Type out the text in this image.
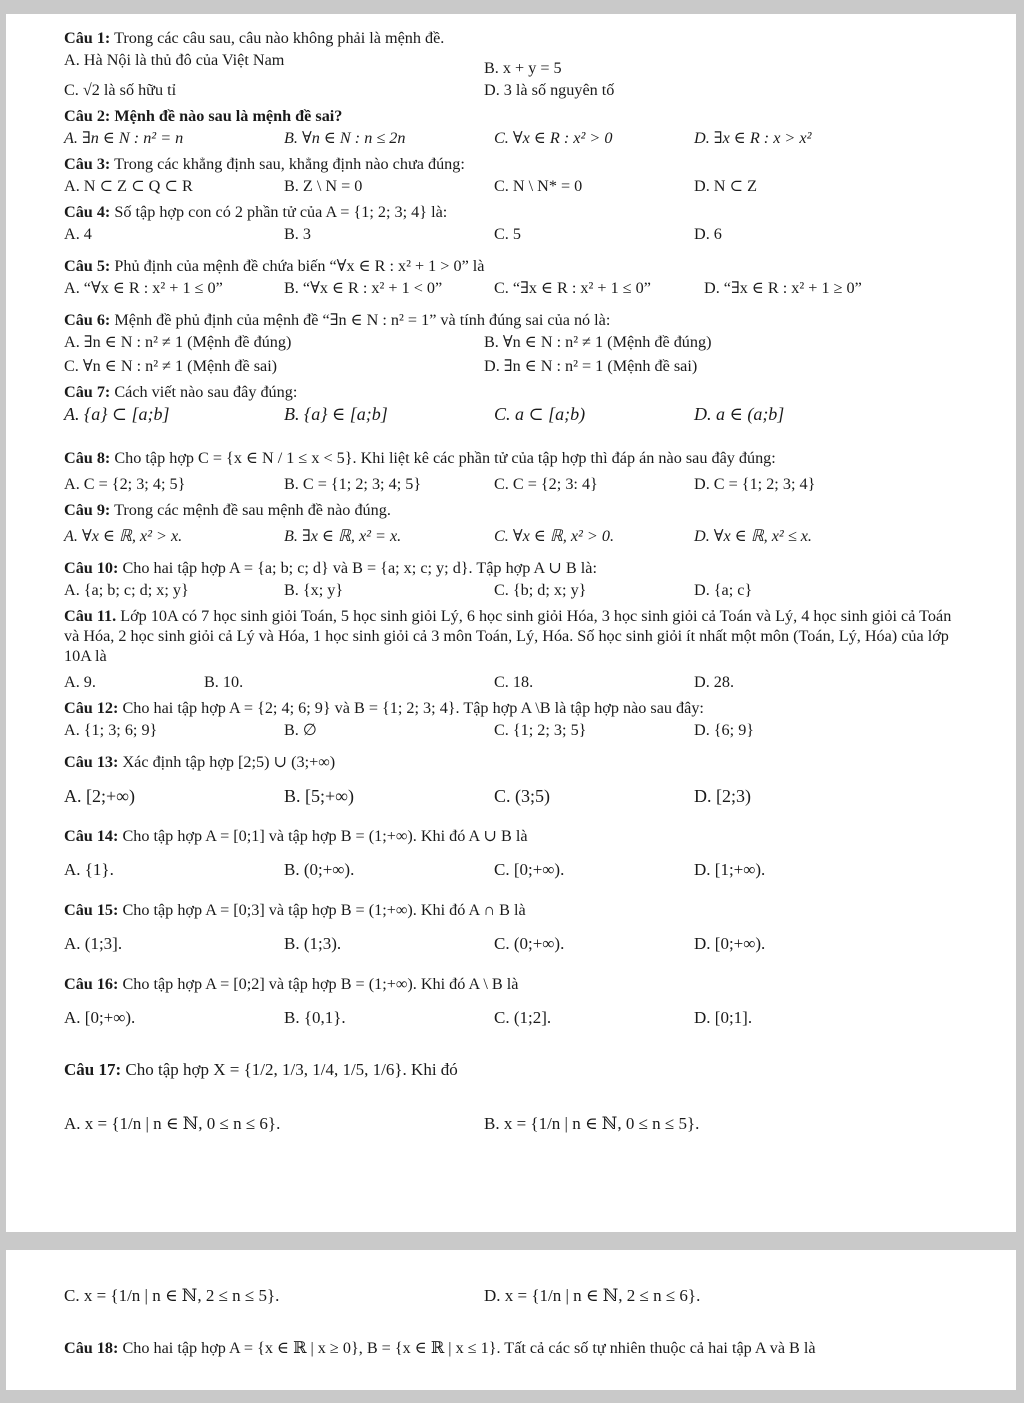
Câu 1: Trong các câu sau, câu nào không phải là mệnh đề.
A. Hà Nội là thủ đô của Việt Nam	B. x + y = 5
C. √2 là số hữu tỉ	D. 3 là số nguyên tố
Câu 2: Mệnh đề nào sau là mệnh đề sai?
A. ∃n ∈ N : n² = n	B. ∀n ∈ N : n ≤ 2n	C. ∀x ∈ R : x² > 0	D. ∃x ∈ R : x > x²
Câu 3: Trong các khẳng định sau, khẳng định nào chưa đúng:
A. N ⊂ Z ⊂ Q ⊂ R	B. Z \ N = 0	C. N \ N* = 0	D. N ⊂ Z
Câu 4: Số tập hợp con có 2 phần tử của A = {1; 2; 3; 4} là:
A. 4	B. 3	C. 5	D. 6
Câu 5: Phủ định của mệnh đề chứa biến “∀x ∈ R : x² + 1 > 0” là
A. “∀x ∈ R : x² + 1 ≤ 0”	B. “∀x ∈ R : x² + 1 < 0”	C. “∃x ∈ R : x² + 1 ≤ 0”	D. “∃x ∈ R : x² + 1 ≥ 0”
Câu 6: Mệnh đề phủ định của mệnh đề “∃n ∈ N : n² = 1” và tính đúng sai của nó là:
A. ∃n ∈ N : n² ≠ 1 (Mệnh đề đúng)	B. ∀n ∈ N : n² ≠ 1 (Mệnh đề đúng)
C. ∀n ∈ N : n² ≠ 1 (Mệnh đề sai)	D. ∃n ∈ N : n² = 1 (Mệnh đề sai)
Câu 7: Cách viết nào sau đây đúng:
A. {a} ⊂ [a;b]	B. {a} ∈ [a;b]	C. a ⊂ [a;b)	D. a ∈ (a;b]
Câu 8: Cho tập hợp C = {x ∈ N / 1 ≤ x < 5}. Khi liệt kê các phần tử của tập hợp thì đáp án nào sau đây đúng:
A. C = {2; 3; 4; 5}	B. C = {1; 2; 3; 4; 5}	C. C = {2; 3: 4}	D. C = {1; 2; 3; 4}
Câu 9: Trong các mệnh đề sau mệnh đề nào đúng.
A. ∀x ∈ ℝ, x² > x.	B. ∃x ∈ ℝ, x² = x.	C. ∀x ∈ ℝ, x² > 0.	D. ∀x ∈ ℝ, x² ≤ x.
Câu 10: Cho hai tập hợp A = {a; b; c; d} và B = {a; x; c; y; d}. Tập hợp A ∪ B là:
A. {a; b; c; d; x; y}	B. {x; y}	C. {b; d; x; y}	D. {a; c}
Câu 11. Lớp 10A có 7 học sinh giỏi Toán, 5 học sinh giỏi Lý, 6 học sinh giỏi Hóa, 3 học sinh giỏi cả Toán và Lý, 4 học sinh giỏi cả Toán và Hóa, 2 học sinh giỏi cả Lý và Hóa, 1 học sinh giỏi cả 3 môn Toán, Lý, Hóa. Số học sinh giỏi ít nhất một môn (Toán, Lý, Hóa) của lớp 10A là
A. 9.	B. 10.	C. 18.	D. 28.
Câu 12: Cho hai tập hợp A = {2; 4; 6; 9} và B = {1; 2; 3; 4}. Tập hợp A \B là tập hợp nào sau đây:
A. {1; 3; 6; 9}	B. ∅	C. {1; 2; 3; 5}	D. {6; 9}
Câu 13: Xác định tập hợp [2;5) ∪ (3;+∞)
A. [2;+∞)	B. [5;+∞)	C. (3;5)	D. [2;3)
Câu 14: Cho tập hợp A = [0;1] và tập hợp B = (1;+∞). Khi đó A ∪ B là
A. {1}.	B. (0;+∞).	C. [0;+∞).	D. [1;+∞).
Câu 15: Cho tập hợp A = [0;3] và tập hợp B = (1;+∞). Khi đó A ∩ B là
A. (1;3].	B. (1;3).	C. (0;+∞).	D. [0;+∞).
Câu 16: Cho tập hợp A = [0;2] và tập hợp B = (1;+∞). Khi đó A \ B là
A. [0;+∞).	B. {0,1}.	C. (1;2].	D. [0;1].
Câu 17: Cho tập hợp X = {1/2, 1/3, 1/4, 1/5, 1/6}. Khi đó
A. x = {1/n | n ∈ ℕ, 0 ≤ n ≤ 6}.	B. x = {1/n | n ∈ ℕ, 0 ≤ n ≤ 5}.
C. x = {1/n | n ∈ ℕ, 2 ≤ n ≤ 5}.	D. x = {1/n | n ∈ ℕ, 2 ≤ n ≤ 6}.
Câu 18: Cho hai tập hợp A = {x ∈ ℝ | x ≥ 0}, B = {x ∈ ℝ | x ≤ 1}. Tất cả các số tự nhiên thuộc cả hai tập A và B là
